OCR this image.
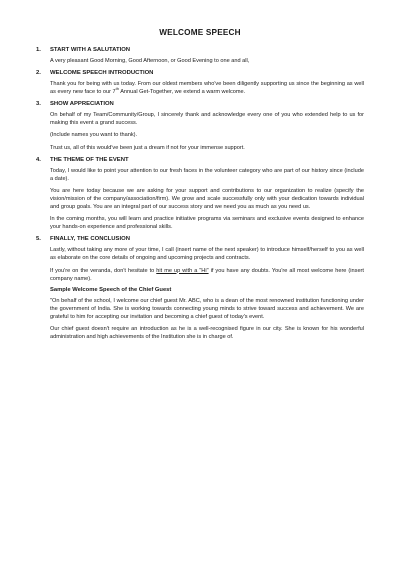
WELCOME SPEECH
1.	START WITH A SALUTATION

A very pleasant Good Morning, Good Afternoon, or Good Evening to one and all,

2.	WELCOME SPEECH INTRODUCTION

Thank you for being with us today. From our oldest members who've been diligently supporting us since the beginning as well as every new face to our 7th Annual Get-Together, we extend a warm welcome.

3.	SHOW APPRECIATION

On behalf of my Team/Community/Group, I sincerely thank and acknowledge every one of you who extended help to us for making this event a grand success.

(Include names you want to thank).

Trust us, all of this would've been just a dream if not for your immense support.

4.	THE THEME OF THE EVENT

Today, I would like to point your attention to our fresh faces in the volunteer category who are part of our history since (include a date).

You are here today because we are asking for your support and contributions to our organization to realize (specify the vision/mission of the company/association/firm). We grow and scale successfully only with your dedication towards individual and group goals. You are an integral part of our success story and we need you as much as you need us.

In the coming months, you will learn and practice initiative programs via seminars and exclusive events designed to enhance your hands-on experience and professional skills.

5.	FINALLY, THE CONCLUSION

Lastly, without taking any more of your time, I call (insert name of the next speaker) to introduce himself/herself to you as well as elaborate on the core details of ongoing and upcoming projects and contracts.

If you're on the veranda, don't hesitate to hit me up with a "Hi" if you have any doubts. You're all most welcome here (insert company name).

Sample Welcome Speech of the Chief Guest

"On behalf of the school, I welcome our chief guest Mr. ABC, who is a dean of the most renowned institution functioning under the government of India. She is working towards connecting young minds to strive toward success and achievement. We are grateful to him for accepting our invitation and becoming a chief guest of today's event.

Our chief guest doesn't require an introduction as he is a well-recognised figure in our city. She is known for his wonderful administration and high achievements of the Institution she is in charge of.
